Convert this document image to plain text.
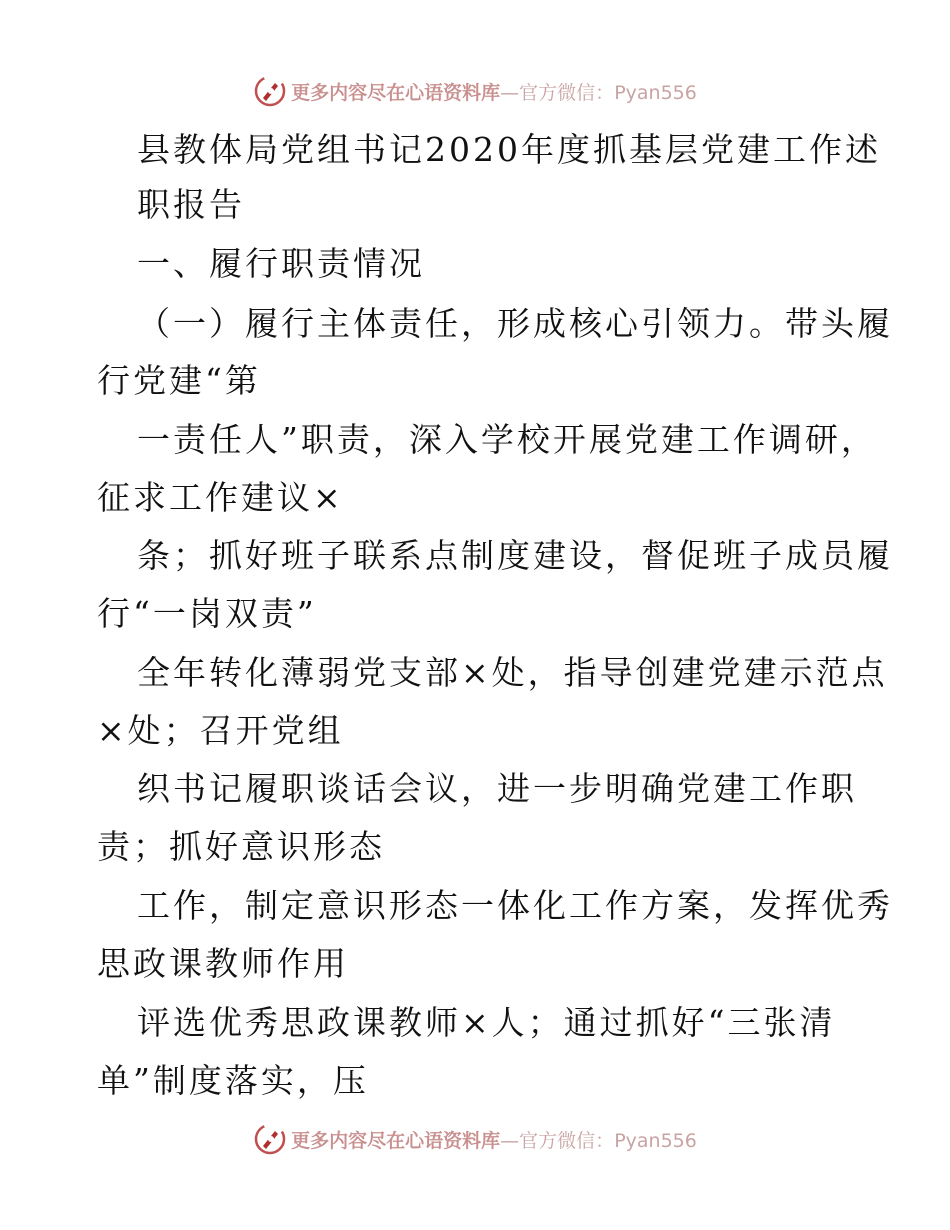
更多内容尽在心语资料库—官方微信：Pyan556
县教体局党组书记2020年度抓基层党建工作述
职报告
一、履行职责情况
（一）履行主体责任，形成核心引领力。带头履
行党建“第
一责任人”职责，深入学校开展党建工作调研，
征求工作建议×
条；抓好班子联系点制度建设，督促班子成员履
行“一岗双责”
全年转化薄弱党支部×处，指导创建党建示范点
×处；召开党组
织书记履职谈话会议，进一步明确党建工作职
责；抓好意识形态
工作，制定意识形态一体化工作方案，发挥优秀
思政课教师作用
评选优秀思政课教师×人；通过抓好“三张清
单”制度落实，压
更多内容尽在心语资料库—官方微信：Pyan556
